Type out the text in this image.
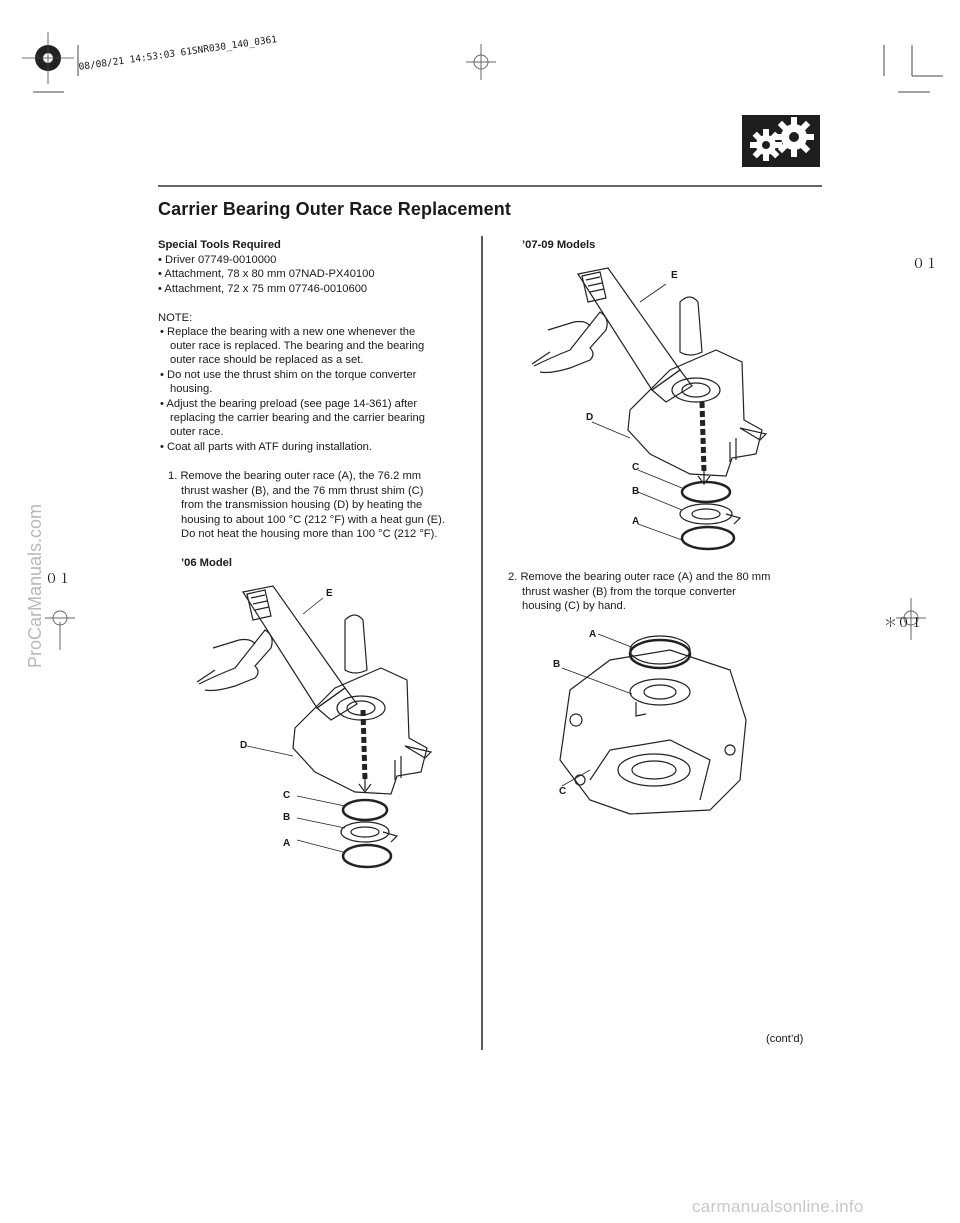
08/08/21 14:53:03 61SNR030_140_0361
Carrier Bearing Outer Race Replacement
Special Tools Required
• Driver 07749-0010000
• Attachment, 78 x 80 mm 07NAD-PX40100
• Attachment, 72 x 75 mm 07746-0010600
NOTE:
• Replace the bearing with a new one whenever the
outer race is replaced. The bearing and the bearing
outer race should be replaced as a set.
• Do not use the thrust shim on the torque converter
housing.
• Adjust the bearing preload (see page 14-361) after
replacing the carrier bearing and the carrier bearing
outer race.
• Coat all parts with ATF during installation.
1. Remove the bearing outer race (A), the 76.2 mm
thrust washer (B), and the 76 mm thrust shim (C)
from the transmission housing (D) by heating the
housing to about 100 °C (212 °F) with a heat gun (E).
Do not heat the housing more than 100 °C (212 °F).
’06 Model
E
D
C
B
A
’07-09 Models
E
D
C
B
A
2. Remove the bearing outer race (A) and the 80 mm
thrust washer (B) from the torque converter
housing (C) by hand.
A
B
C
(cont’d)
０１
０１
＊０１
ProCarManuals.com
carmanualsonline.info
